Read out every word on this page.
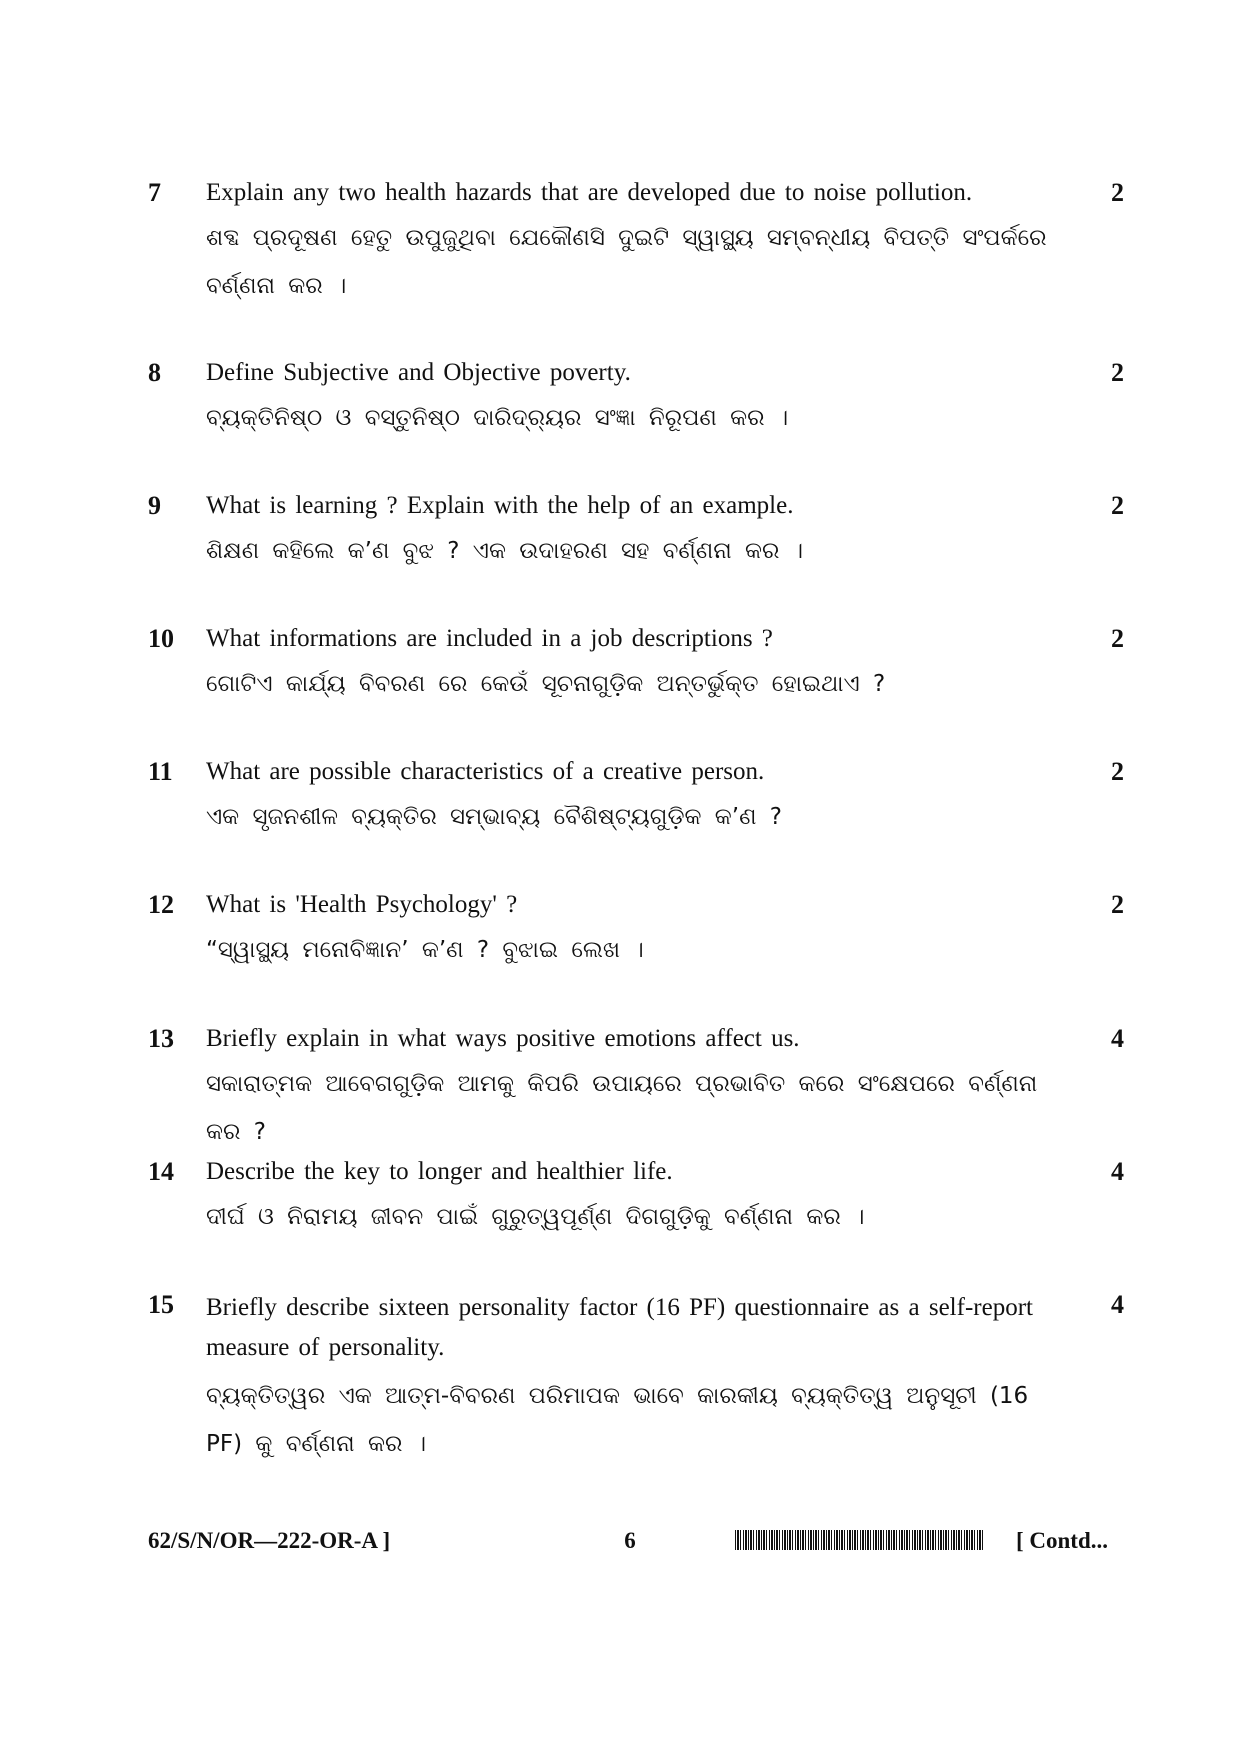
7 Explain any two health hazards that are developed due to noise pollution.

ଶବ୍ଦ ପ୍ରଦୂଷଣ ହେତୁ ଉପୁଜୁଥିବା ଯେକୌଣସି ଦୁଇଟି ସ୍ୱାସ୍ଥ୍ୟ ସମ୍ବନ୍ଧୀୟ ବିପତ୍ତି ସଂପର୍କରେ ବର୍ଣ୍ଣନା କର ।

2
8 Define Subjective and Objective poverty.

ବ୍ୟକ୍ତିନିଷ୍ଠ ଓ ବସ୍ତୁନିଷ୍ଠ ଦାରିଦ୍ର୍ୟର ସଂଜ୍ଞା ନିରୂପଣ କର ।

2
9 What is learning ? Explain with the help of an example.

ଶିକ୍ଷଣ କହିଲେ କ’ଣ ବୁଝ ? ଏକ ଉଦାହରଣ ସହ ବର୍ଣ୍ଣନା କର ।

2
10 What informations are included in a job descriptions ?

ଗୋଟିଏ କାର୍ଯ୍ୟ ବିବରଣ ରେ କେଉଁ ସୂଚନାଗୁଡ଼ିକ ଅନ୍ତର୍ଭୁକ୍ତ ହୋଇଥାଏ ?

2
11 What are possible characteristics of a creative person.

ଏକ ସୃଜନଶୀଳ ବ୍ୟକ୍ତିର ସମ୍ଭାବ୍ୟ ବୈଶିଷ୍ଟ୍ୟଗୁଡ଼ିକ କ’ଣ ?

2
12 What is 'Health Psychology' ?

“ସ୍ୱାସ୍ଥ୍ୟ ମନୋବିଜ୍ଞାନ’ କ’ଣ ? ବୁଝାଇ ଲେଖ ।

2
13 Briefly explain in what ways positive emotions affect us.

ସକାରାତ୍ମକ ଆବେଗଗୁଡ଼ିକ ଆମକୁ କିପରି ଉପାୟରେ ପ୍ରଭାବିତ କରେ ସଂକ୍ଷେପରେ ବର୍ଣ୍ଣନା କର ?

4
14 Describe the key to longer and healthier life.

ଦୀର୍ଘ ଓ ନିରାମୟ ଜୀବନ ପାଇଁ ଗୁରୁତ୍ୱପୂର୍ଣ୍ଣ ଦିଗଗୁଡ଼ିକୁ ବର୍ଣ୍ଣନା କର ।

4
15 Briefly describe sixteen personality factor (16 PF) questionnaire as a self-report measure of personality.

ବ୍ୟକ୍ତିତ୍ୱର ଏକ ଆତ୍ମ-ବିବରଣ ପରିମାପକ ଭାବେ କାରକୀୟ ବ୍ୟକ୍ତିତ୍ୱ ଅନୁସୂଚୀ (16 PF) କୁ ବର୍ଣ୍ଣନା କର ।

4
62/S/N/OR—222-OR-A ]	6	[ Contd...
